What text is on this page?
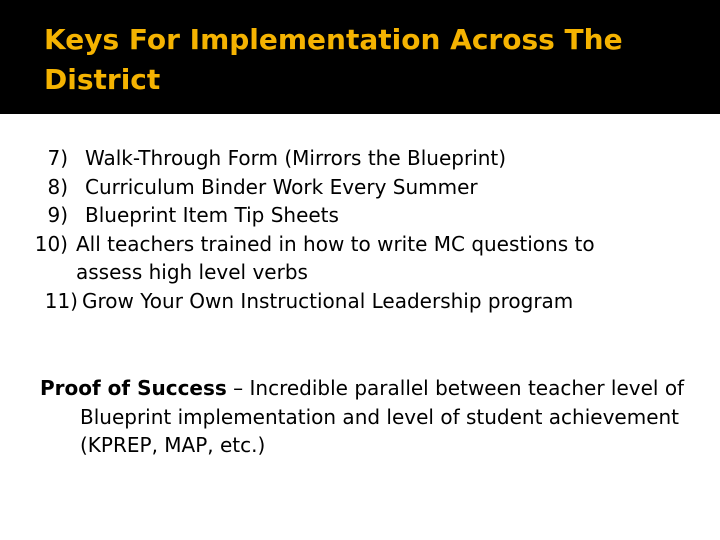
Keys For Implementation Across The District
7) Walk-Through Form (Mirrors the Blueprint)
8) Curriculum Binder Work Every Summer
9) Blueprint Item Tip Sheets
10) All teachers trained in how to write MC questions to assess high level verbs
11) Grow Your Own Instructional Leadership program

Proof of Success – Incredible parallel between teacher level of Blueprint implementation and level of student achievement (KPREP, MAP, etc.)
